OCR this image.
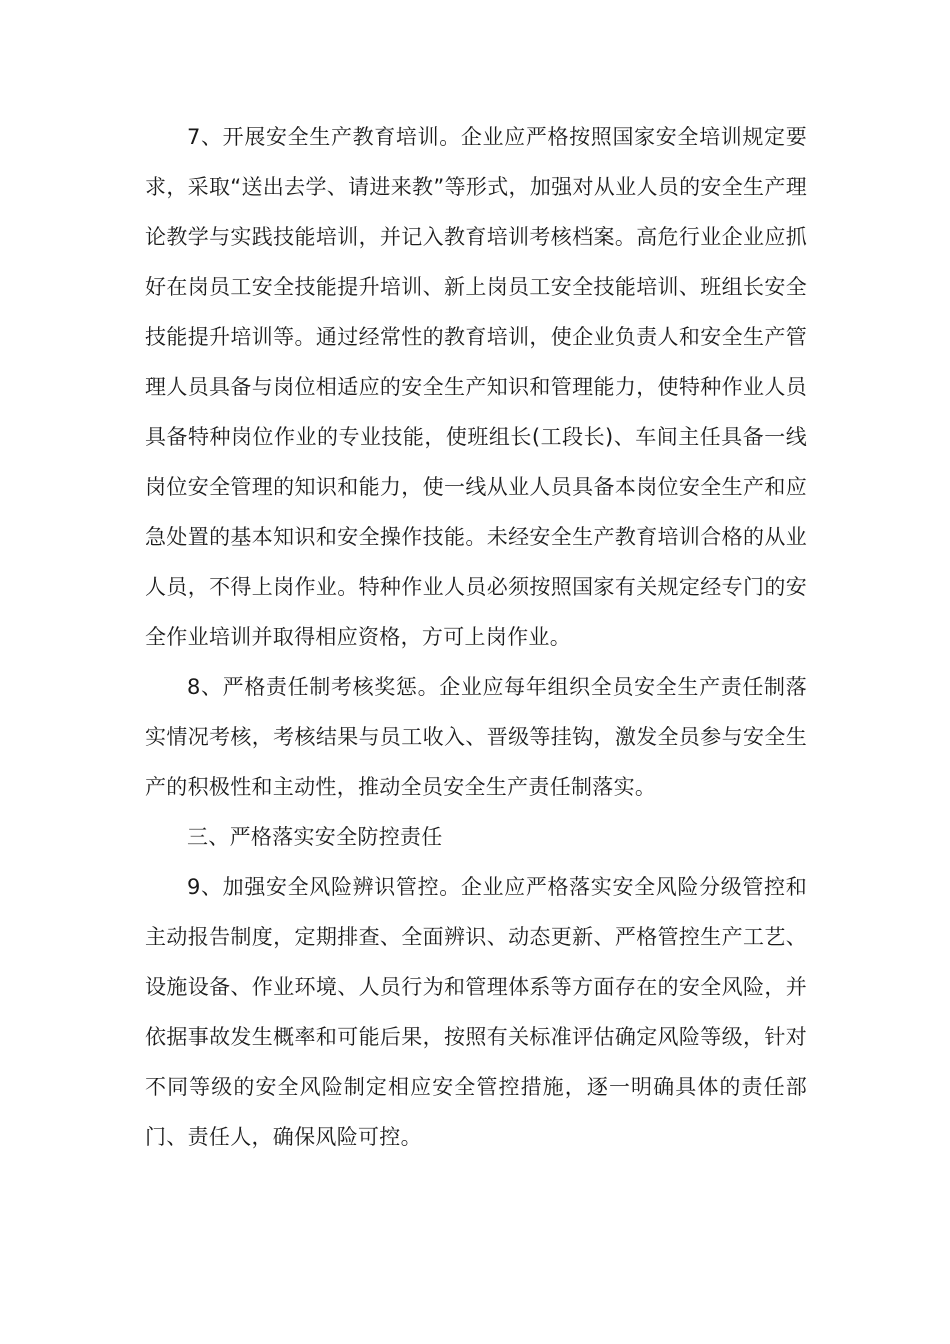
7、开展安全生产教育培训。企业应严格按照国家安全培训规定要求，采取“送出去学、请进来教”等形式，加强对从业人员的安全生产理论教学与实践技能培训，并记入教育培训考核档案。高危行业企业应抓好在岗员工安全技能提升培训、新上岗员工安全技能培训、班组长安全技能提升培训等。通过经常性的教育培训，使企业负责人和安全生产管理人员具备与岗位相适应的安全生产知识和管理能力，使特种作业人员具备特种岗位作业的专业技能，使班组长(工段长)、车间主任具备一线岗位安全管理的知识和能力，使一线从业人员具备本岗位安全生产和应急处置的基本知识和安全操作技能。未经安全生产教育培训合格的从业人员，不得上岗作业。特种作业人员必须按照国家有关规定经专门的安全作业培训并取得相应资格，方可上岗作业。

8、严格责任制考核奖惩。企业应每年组织全员安全生产责任制落实情况考核，考核结果与员工收入、晋级等挂钩，激发全员参与安全生产的积极性和主动性，推动全员安全生产责任制落实。

三、严格落实安全防控责任

9、加强安全风险辨识管控。企业应严格落实安全风险分级管控和主动报告制度，定期排查、全面辨识、动态更新、严格管控生产工艺、设施设备、作业环境、人员行为和管理体系等方面存在的安全风险，并依据事故发生概率和可能后果，按照有关标准评估确定风险等级，针对不同等级的安全风险制定相应安全管控措施，逐一明确具体的责任部门、责任人，确保风险可控。
